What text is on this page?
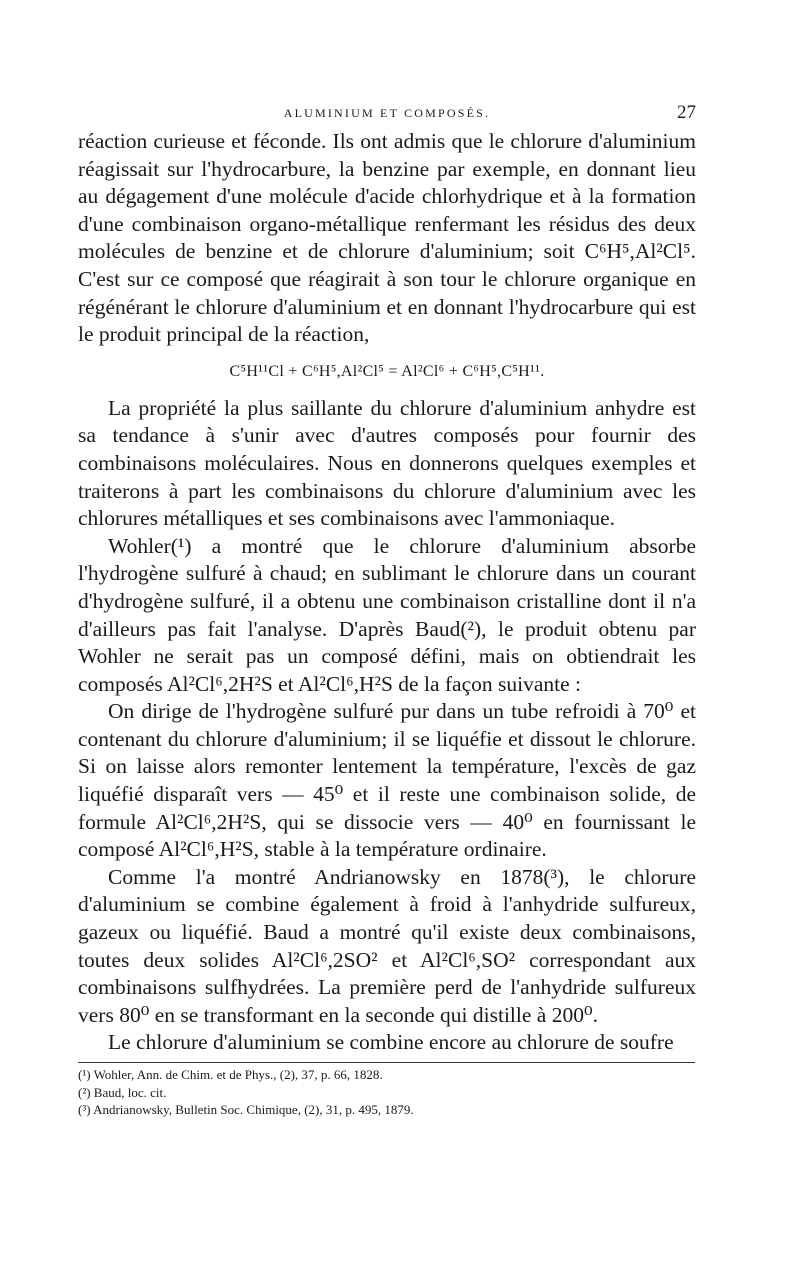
ALUMINIUM ET COMPOSÉS.	27

réaction curieuse et féconde. Ils ont admis que le chlorure d'aluminium réagissait sur l'hydrocarbure, la benzine par exemple, en donnant lieu au dégagement d'une molécule d'acide chlorhydrique et à la formation d'une combinaison organo-métallique renfermant les résidus des deux molécules de benzine et de chlorure d'aluminium; soit C⁶H⁵,Al²Cl⁵. C'est sur ce composé que réagirait à son tour le chlorure organique en régénérant le chlorure d'aluminium et en donnant l'hydrocarbure qui est le produit principal de la réaction,

C⁵H¹¹Cl + C⁶H⁵,Al²Cl⁵ = Al²Cl⁶ + C⁶H⁵,C⁵H¹¹.

La propriété la plus saillante du chlorure d'aluminium anhydre est sa tendance à s'unir avec d'autres composés pour fournir des combinaisons moléculaires. Nous en donnerons quelques exemples et traiterons à part les combinaisons du chlorure d'aluminium avec les chlorures métalliques et ses combinaisons avec l'ammoniaque.

Wohler(¹) a montré que le chlorure d'aluminium absorbe l'hydrogène sulfuré à chaud; en sublimant le chlorure dans un courant d'hydrogène sulfuré, il a obtenu une combinaison cristalline dont il n'a d'ailleurs pas fait l'analyse. D'après Baud(²), le produit obtenu par Wohler ne serait pas un composé défini, mais on obtiendrait les composés Al²Cl⁶,2H²S et Al²Cl⁶,H²S de la façon suivante :

On dirige de l'hydrogène sulfuré pur dans un tube refroidi à 70⁰ et contenant du chlorure d'aluminium; il se liquéfie et dissout le chlorure. Si on laisse alors remonter lentement la température, l'excès de gaz liquéfié disparaît vers — 45⁰ et il reste une combinaison solide, de formule Al²Cl⁶,2H²S, qui se dissocie vers — 40⁰ en fournissant le composé Al²Cl⁶,H²S, stable à la température ordinaire.

Comme l'a montré Andrianowsky en 1878(³), le chlorure d'aluminium se combine également à froid à l'anhydride sulfureux, gazeux ou liquéfié. Baud a montré qu'il existe deux combinaisons, toutes deux solides Al²Cl⁶,2SO² et Al²Cl⁶,SO² correspondant aux combinaisons sulfhydrées. La première perd de l'anhydride sulfureux vers 80⁰ en se transformant en la seconde qui distille à 200⁰.

Le chlorure d'aluminium se combine encore au chlorure de soufre

(¹) Wohler, Ann. de Chim. et de Phys., (2), 37, p. 66, 1828.
(²) Baud, loc. cit.
(³) Andrianowsky, Bulletin Soc. Chimique, (2), 31, p. 495, 1879.
